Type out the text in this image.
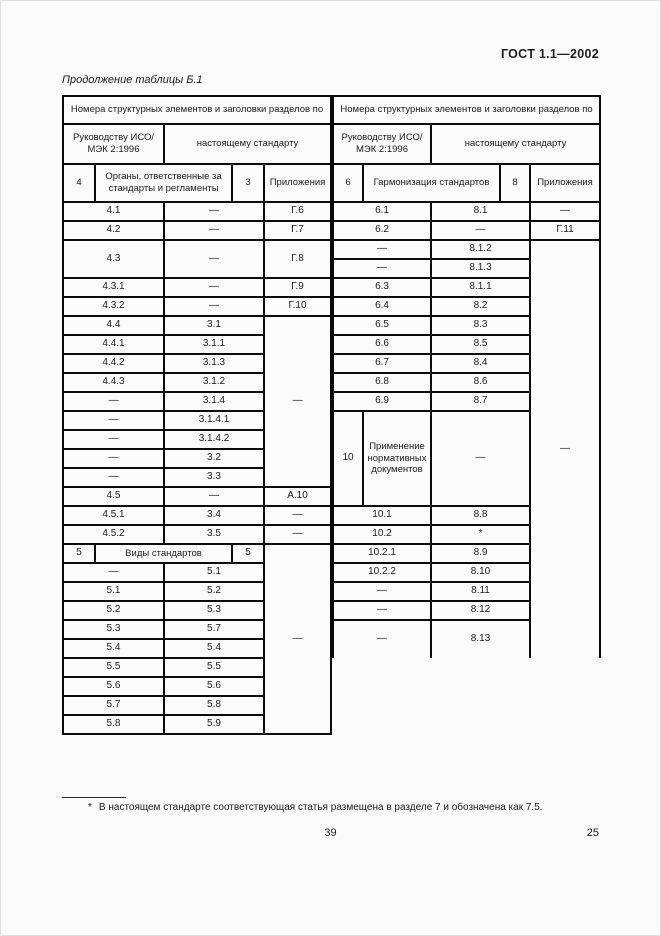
ГОСТ 1.1—2002
Продолжение таблицы Б.1
Номера структурных элементов и заголовки разделов по				
Руководству ИСО/МЭК 2:1996		настоящему стандарту		
4	Органы, ответственные за стандарты и регламенты		3	Приложения
4.1		—		Г.6
4.2		—		Г.7
4.3		—		Г.8
4.3.1		—		Г.9
4.3.2		—		Г.10
4.4		3.1		—
4.4.1		3.1.1		
4.4.2		3.1.3		
4.4.3		3.1.2		
—		3.1.4		
—		3.1.4.1		
—		3.1.4.2		
—		3.2		
—		3.3		
4.5		—		А.10
4.5.1		3.4		—
4.5.2		3.5		—
5	Виды стандартов		5	—
—		5.1		
5.1		5.2		
5.2		5.3		
5.3		5.7		
5.4		5.4		
5.5		5.5		
5.6		5.6		
5.7		5.8		
5.8		5.9		
Номера структурных элементов и заголовки разделов по				
Руководству ИСО/МЭК 2:1996		настоящему стандарту		
6	Гармонизация стандартов		8	Приложения
6.1		8.1		—
6.2		—		Г.11
—		8.1.2		—
—		8.1.3		
6.3		8.1.1		
6.4		8.2		
6.5		8.3		
6.6		8.5		
6.7		8.4		
6.8		8.6		
6.9		8.7		
10	Применение нормативных документов	—		
10.1		8.8		
10.2		*		
10.2.1		8.9		
10.2.2		8.10		
—		8.11		
—		8.12		
—		8.13		
* В настоящем стандарте соответствующая статья размещена в разделе 7 и обозначена как 7.5.
39	25
